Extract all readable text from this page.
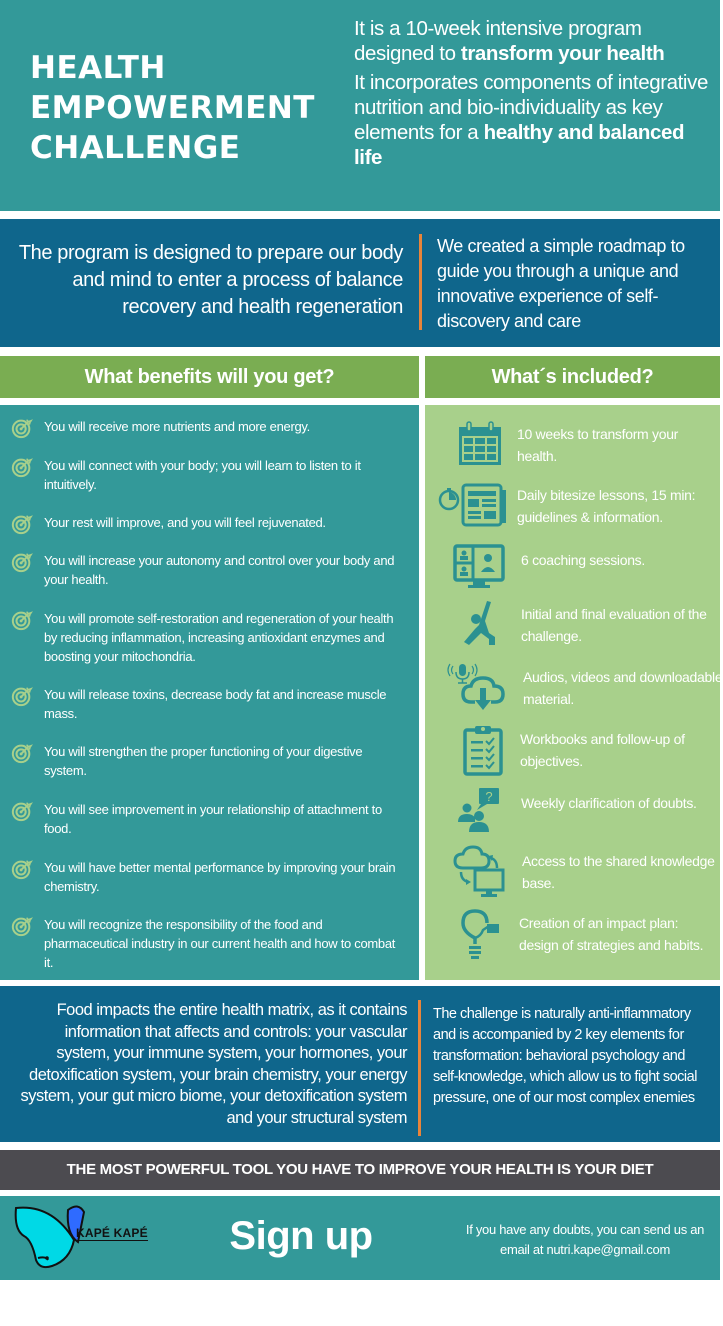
HEALTH
EMPOWERMENT
CHALLENGE

It is a 10-week intensive program designed to transform your health

It incorporates components of integrative nutrition and bio-individuality as key elements for a healthy and balanced life

The program is designed to prepare our body and mind to enter a process of balance recovery and health regeneration
We created a simple roadmap to guide you through a unique and innovative experience of self-discovery and care
What benefits will you get?	What´s included?
You will receive more nutrients and more energy.
You will connect with your body; you will learn to listen to it intuitively.
Your rest will improve, and you will feel rejuvenated.
You will increase your autonomy and control over your body and your health.
You will promote self-restoration and regeneration of your health by reducing inflammation, increasing antioxidant enzymes and boosting your mitochondria.
You will release toxins, decrease body fat and increase muscle mass.
You will strengthen the proper functioning of your digestive system.
You will see improvement in your relationship of attachment to food.
You will have better mental performance by improving your brain chemistry.
You will recognize the responsibility of the food and pharmaceutical industry in our current health and how to combat it.
10 weeks to transform your health.
Daily bitesize lessons, 15 min: guidelines & information.
6 coaching sessions.
Initial and final evaluation of the challenge.
Audios, videos and downloadable material.
Workbooks and follow-up of objectives.
? Weekly clarification of doubts.
Access to the shared knowledge base.
Creation of an impact plan: design of strategies and habits.
Food impacts the entire health matrix, as it contains information that affects and controls: your vascular system, your immune system, your hormones, your detoxification system, your brain chemistry, your energy system, your gut micro biome, your detoxification system and your structural system
The challenge is naturally anti-inflammatory and is accompanied by 2 key elements for transformation: behavioral psychology and self-knowledge, which allow us to fight social pressure, one of our most complex enemies
THE MOST POWERFUL TOOL YOU HAVE TO IMPROVE YOUR HEALTH IS YOUR DIET
KAPÉ KAPÉ	Sign up now!
If you have any doubts, you can send us an email at nutri.kape@gmail.com
